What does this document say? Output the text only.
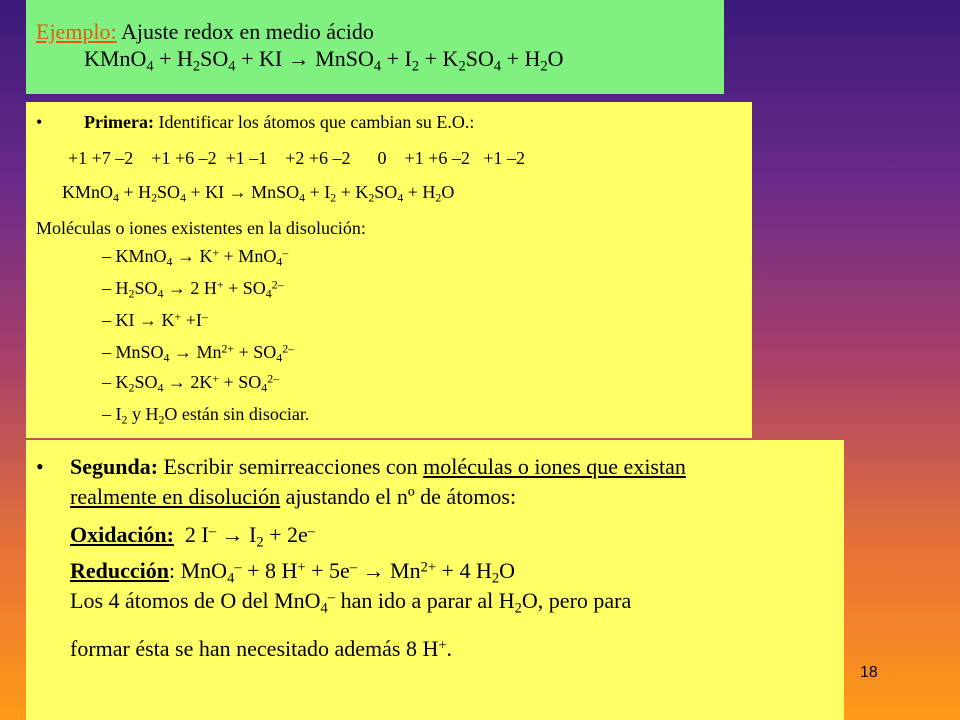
Ejemplo: Ajuste redox en medio ácido
KMnO$_4$ + $H_2SO_4$ + KI → MnSO$_4$ + $I_2 + K_2SO_4 + H_2O$
• Primera: Identificar los átomos que cambian su E.O.:
+1 +7 –2    +1 +6 –2  +1 –1    +2 +6 –2      0    +1 +6 –2   +1 –2
KMnO$_4$ + $H_2SO_4$ + KI → MnSO$_4$ + $I_2 + K_2SO_4 + H_2O$
Moléculas o iones existentes en la disolución:
– KMnO$_4$ → K+ + MnO$_4$–
– $H_2SO_4 \to 2$ $H^+ + SO_4^{2-}$
– KI → K+ +I–
– MnSO$_4$ → $Mn^{2+} + SO_4^{2-}$
– $K_2SO_4 \to 2K^+ + SO_4^{2-}$
– $I_2$ y $H_2O$ están sin disociar.
• Segunda: Escribir semirreacciones con moléculas o iones que existan
realmente en disolución ajustando el nº de átomos:
Oxidación:  2 $I^- \to I_2 + 2e^-$
Reducción: MnO$_4$– + 8 $H^+ + 5e^- \to Mn^{2+} + 4$ $H_2O$
Los 4 átomos de O del MnO$_4$– han ido a parar al $H_2O$, pero para
formar ésta se han necesitado además 8 H+.
18
